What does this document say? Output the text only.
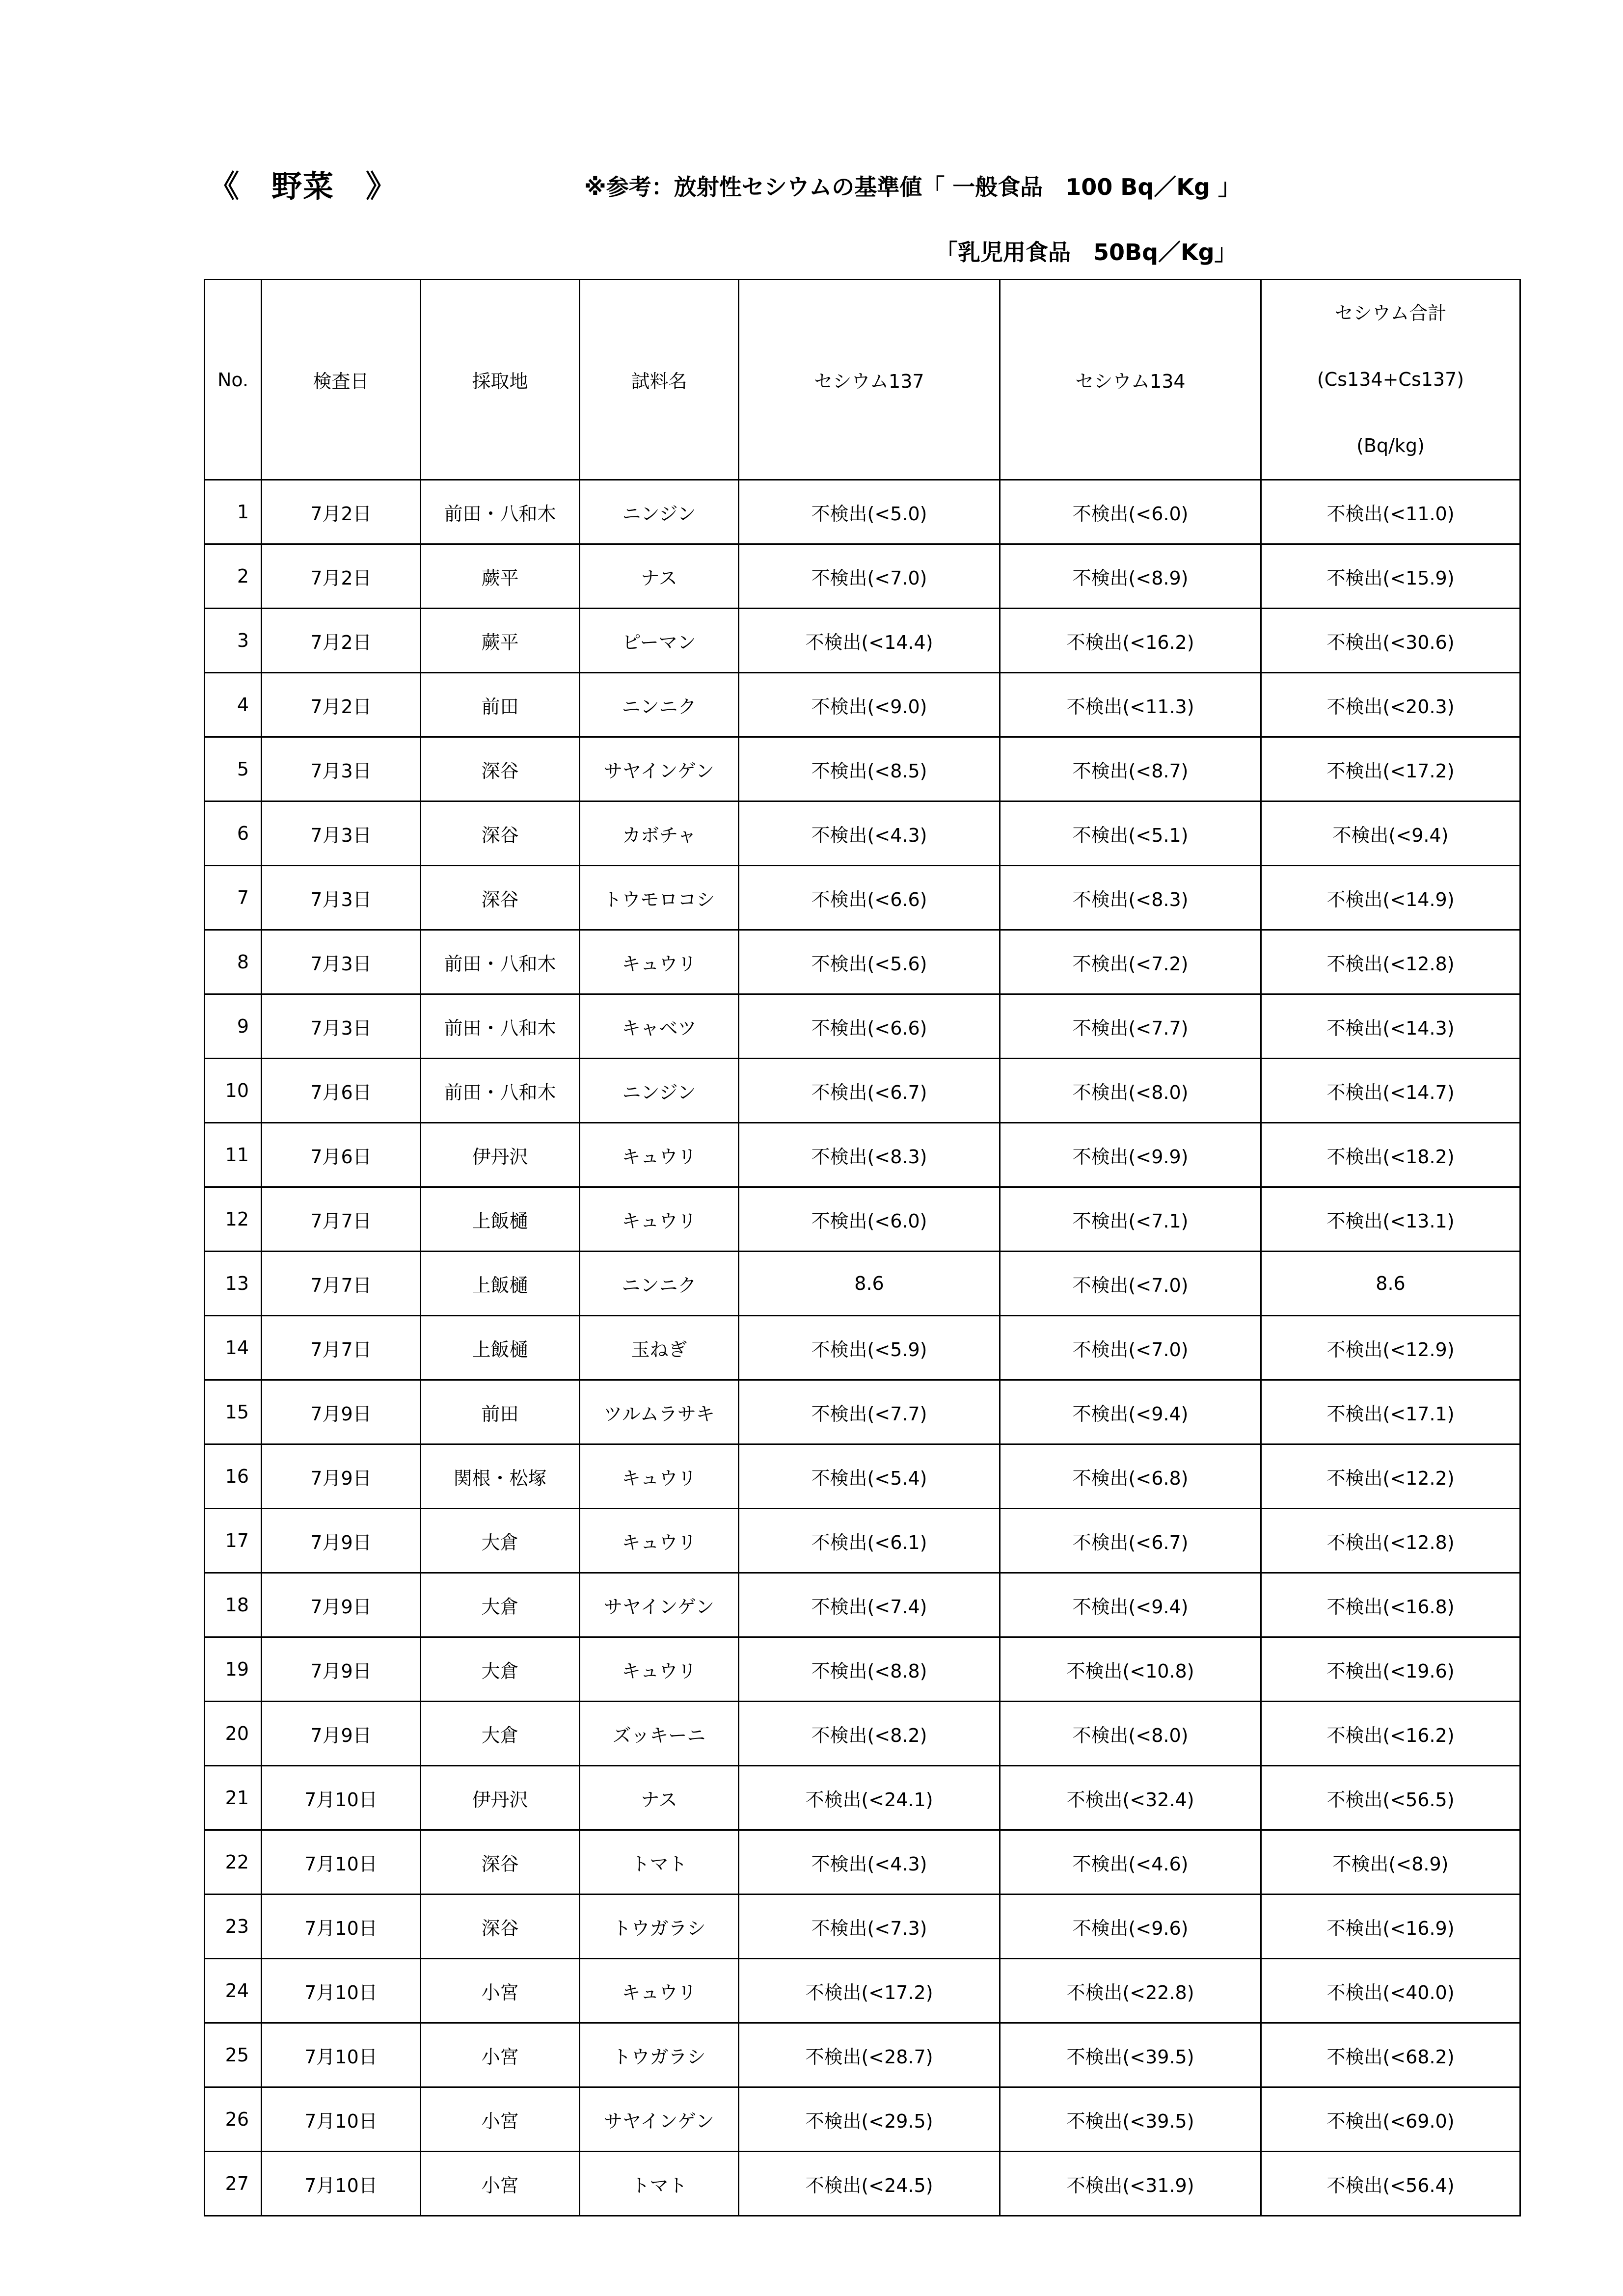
《　野菜　》	※参考：放射性セシウムの基準値「 一般食品　100 Bq／Kg 」
「乳児用食品　50Bq／Kg」
No.	検査日	採取地	試料名	セシウム137	セシウム134	セシウム合計
(Cs134+Cs137)
(Bq/kg)

1	7月2日	前田・八和木	ニンジン	不検出(<5.0)	不検出(<6.0)	不検出(<11.0)
2	7月2日	蕨平	ナス	不検出(<7.0)	不検出(<8.9)	不検出(<15.9)
3	7月2日	蕨平	ピーマン	不検出(<14.4)	不検出(<16.2)	不検出(<30.6)
4	7月2日	前田	ニンニク	不検出(<9.0)	不検出(<11.3)	不検出(<20.3)
5	7月3日	深谷	サヤインゲン	不検出(<8.5)	不検出(<8.7)	不検出(<17.2)
6	7月3日	深谷	カボチャ	不検出(<4.3)	不検出(<5.1)	不検出(<9.4)
7	7月3日	深谷	トウモロコシ	不検出(<6.6)	不検出(<8.3)	不検出(<14.9)
8	7月3日	前田・八和木	キュウリ	不検出(<5.6)	不検出(<7.2)	不検出(<12.8)
9	7月3日	前田・八和木	キャベツ	不検出(<6.6)	不検出(<7.7)	不検出(<14.3)
10	7月6日	前田・八和木	ニンジン	不検出(<6.7)	不検出(<8.0)	不検出(<14.7)
11	7月6日	伊丹沢	キュウリ	不検出(<8.3)	不検出(<9.9)	不検出(<18.2)
12	7月7日	上飯樋	キュウリ	不検出(<6.0)	不検出(<7.1)	不検出(<13.1)
13	7月7日	上飯樋	ニンニク	8.6	不検出(<7.0)	8.6
14	7月7日	上飯樋	玉ねぎ	不検出(<5.9)	不検出(<7.0)	不検出(<12.9)
15	7月9日	前田	ツルムラサキ	不検出(<7.7)	不検出(<9.4)	不検出(<17.1)
16	7月9日	関根・松塚	キュウリ	不検出(<5.4)	不検出(<6.8)	不検出(<12.2)
17	7月9日	大倉	キュウリ	不検出(<6.1)	不検出(<6.7)	不検出(<12.8)
18	7月9日	大倉	サヤインゲン	不検出(<7.4)	不検出(<9.4)	不検出(<16.8)
19	7月9日	大倉	キュウリ	不検出(<8.8)	不検出(<10.8)	不検出(<19.6)
20	7月9日	大倉	ズッキーニ	不検出(<8.2)	不検出(<8.0)	不検出(<16.2)
21	7月10日	伊丹沢	ナス	不検出(<24.1)	不検出(<32.4)	不検出(<56.5)
22	7月10日	深谷	トマト	不検出(<4.3)	不検出(<4.6)	不検出(<8.9)
23	7月10日	深谷	トウガラシ	不検出(<7.3)	不検出(<9.6)	不検出(<16.9)
24	7月10日	小宮	キュウリ	不検出(<17.2)	不検出(<22.8)	不検出(<40.0)
25	7月10日	小宮	トウガラシ	不検出(<28.7)	不検出(<39.5)	不検出(<68.2)
26	7月10日	小宮	サヤインゲン	不検出(<29.5)	不検出(<39.5)	不検出(<69.0)
27	7月10日	小宮	トマト	不検出(<24.5)	不検出(<31.9)	不検出(<56.4)
